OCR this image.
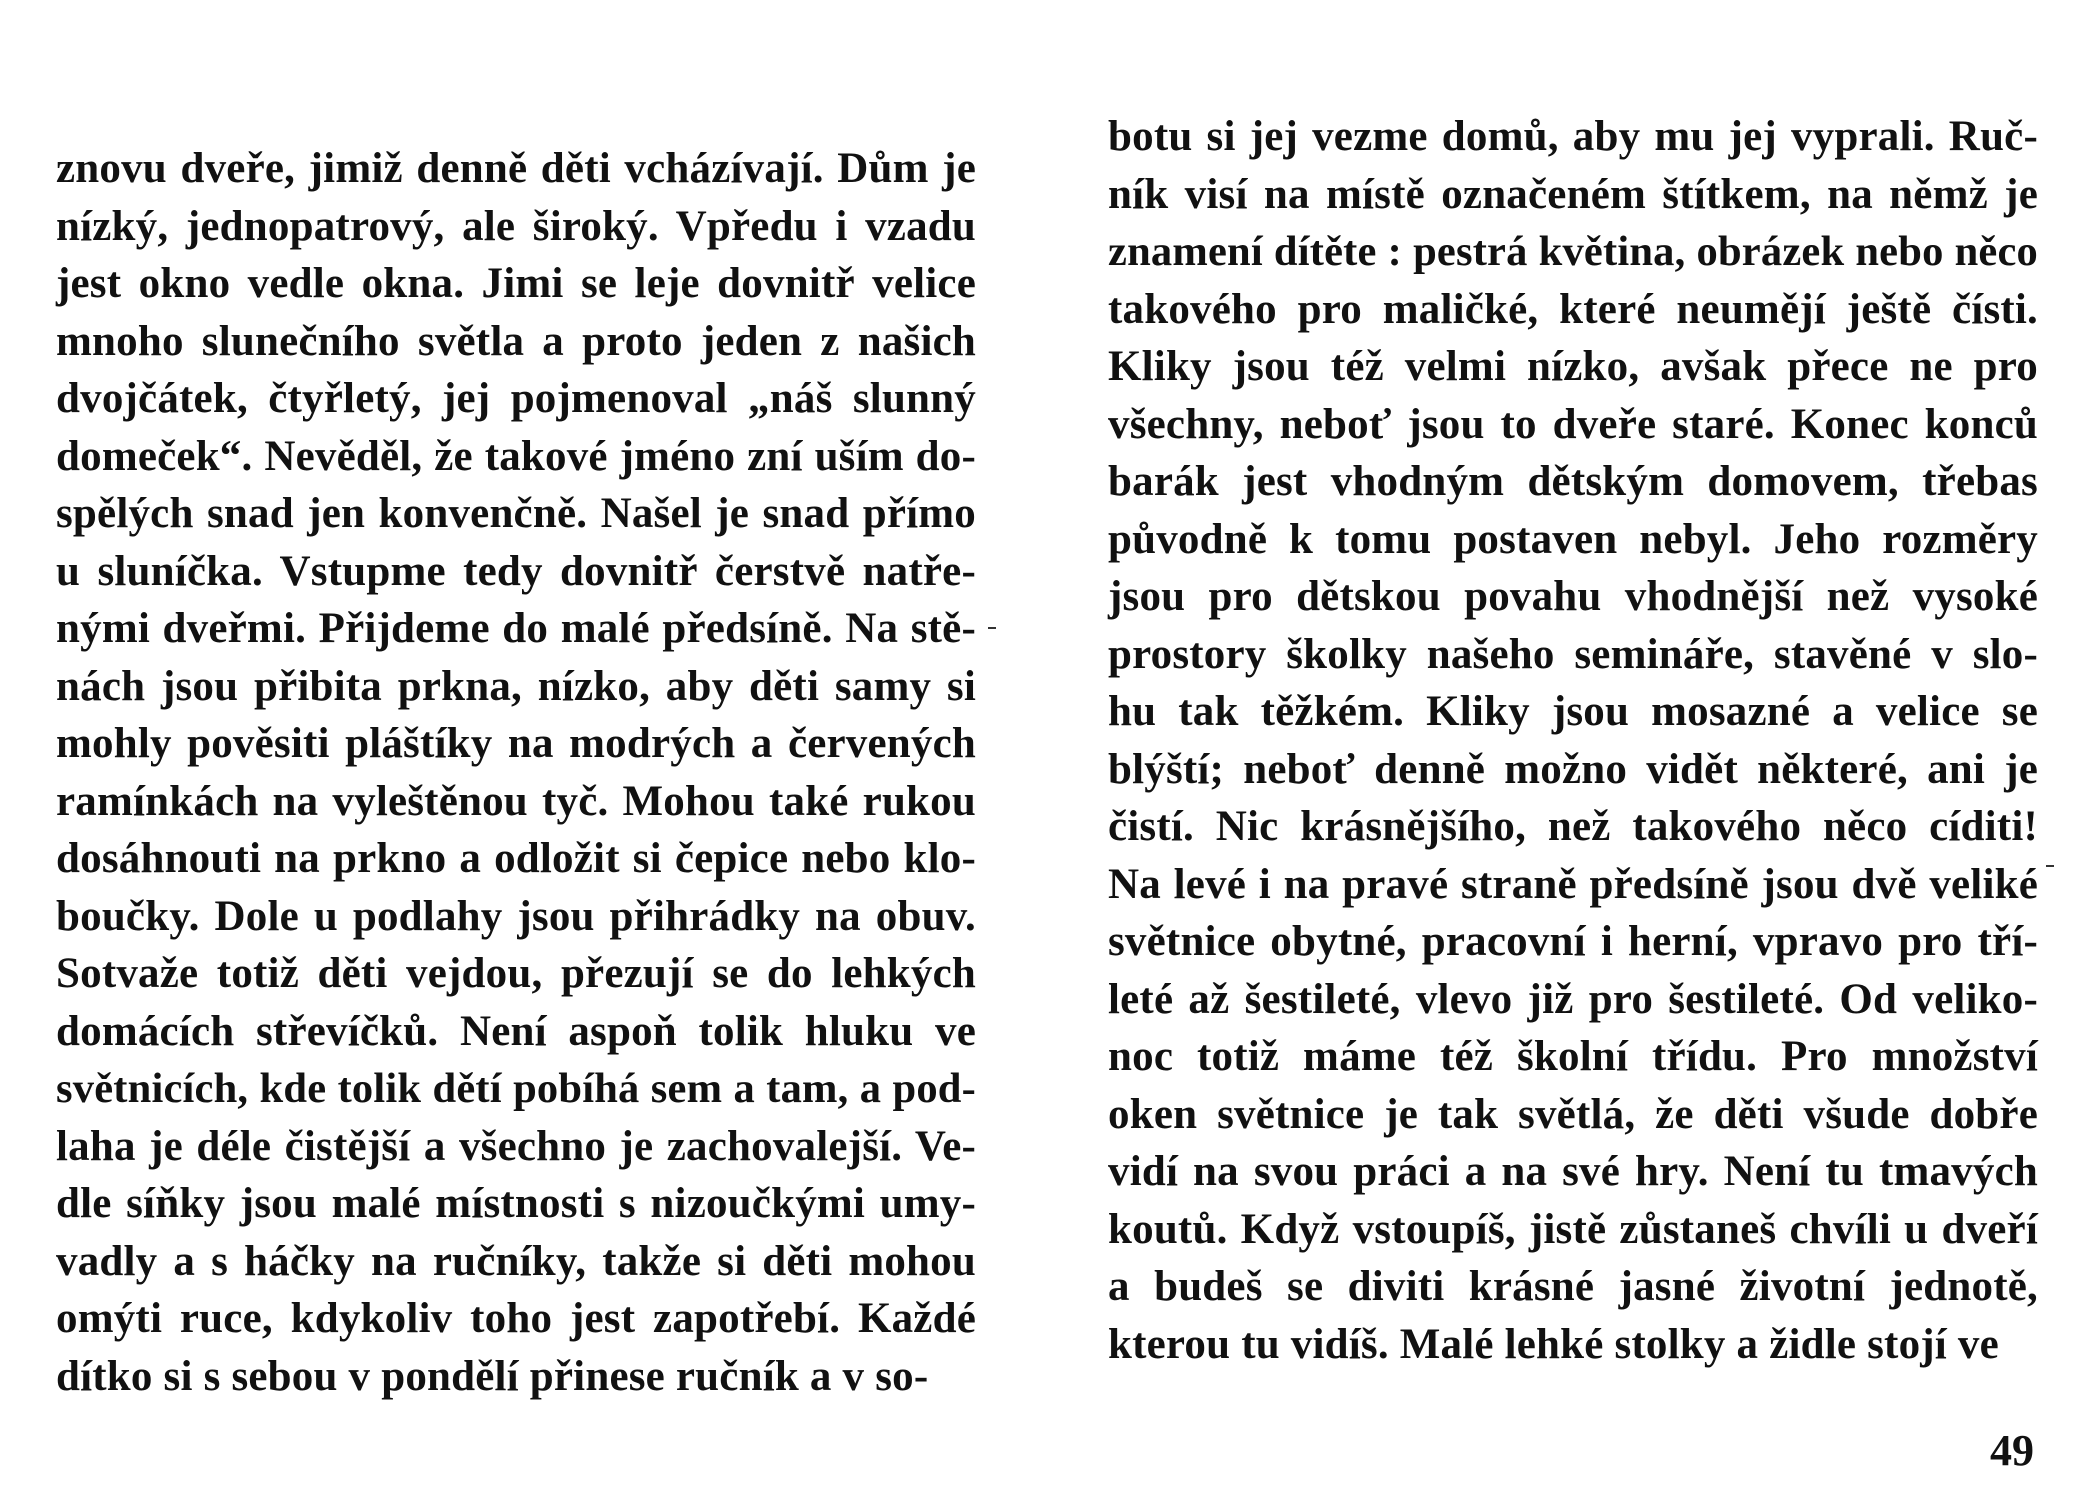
znovu dveře, jimiž denně děti vcházívají. Dům je
nízký, jednopatrový, ale široký. Vpředu i vzadu
jest okno vedle okna. Jimi se leje dovnitř velice
mnoho slunečního světla a proto jeden z našich
dvojčátek, čtyřletý, jej pojmenoval „náš slunný
domeček“. Nevěděl, že takové jméno zní uším do-
spělých snad jen konvenčně. Našel je snad přímo
u sluníčka. Vstupme tedy dovnitř čerstvě natře-
nými dveřmi. Přijdeme do malé předsíně. Na stě-
nách jsou přibita prkna, nízko, aby děti samy si
mohly pověsiti pláštíky na modrých a červených
ramínkách na vyleštěnou tyč. Mohou také rukou
dosáhnouti na prkno a odložit si čepice nebo klo-
boučky. Dole u podlahy jsou přihrádky na obuv.
Sotvaže totiž děti vejdou, přezují se do lehkých
domácích střevíčků. Není aspoň tolik hluku ve
světnicích, kde tolik dětí pobíhá sem a tam, a pod-
laha je déle čistější a všechno je zachovalejší. Ve-
dle síňky jsou malé místnosti s nizoučkými umy-
vadly a s háčky na ručníky, takže si děti mohou
omýti ruce, kdykoliv toho jest zapotřebí. Každé
dítko si s sebou v pondělí přinese ručník a v so-
botu si jej vezme domů, aby mu jej vyprali. Ruč-
ník visí na místě označeném štítkem, na němž je
znamení dítěte : pestrá květina, obrázek nebo něco
takového pro maličké, které neumějí ještě čísti.
Kliky jsou též velmi nízko, avšak přece ne pro
všechny, neboť jsou to dveře staré. Konec konců
barák jest vhodným dětským domovem, třebas
původně k tomu postaven nebyl. Jeho rozměry
jsou pro dětskou povahu vhodnější než vysoké
prostory školky našeho semináře, stavěné v slo-
hu tak těžkém. Kliky jsou mosazné a velice se
blýští; neboť denně možno vidět některé, ani je
čistí. Nic krásnějšího, než takového něco cíditi!
Na levé i na pravé straně předsíně jsou dvě veliké
světnice obytné, pracovní i herní, vpravo pro tří-
leté až šestileté, vlevo již pro šestileté. Od veliko-
noc totiž máme též školní třídu. Pro množství
oken světnice je tak světlá, že děti všude dobře
vidí na svou práci a na své hry. Není tu tmavých
koutů. Když vstoupíš, jistě zůstaneš chvíli u dveří
a budeš se diviti krásné jasné životní jednotě,
kterou tu vidíš. Malé lehké stolky a židle stojí ve
49
